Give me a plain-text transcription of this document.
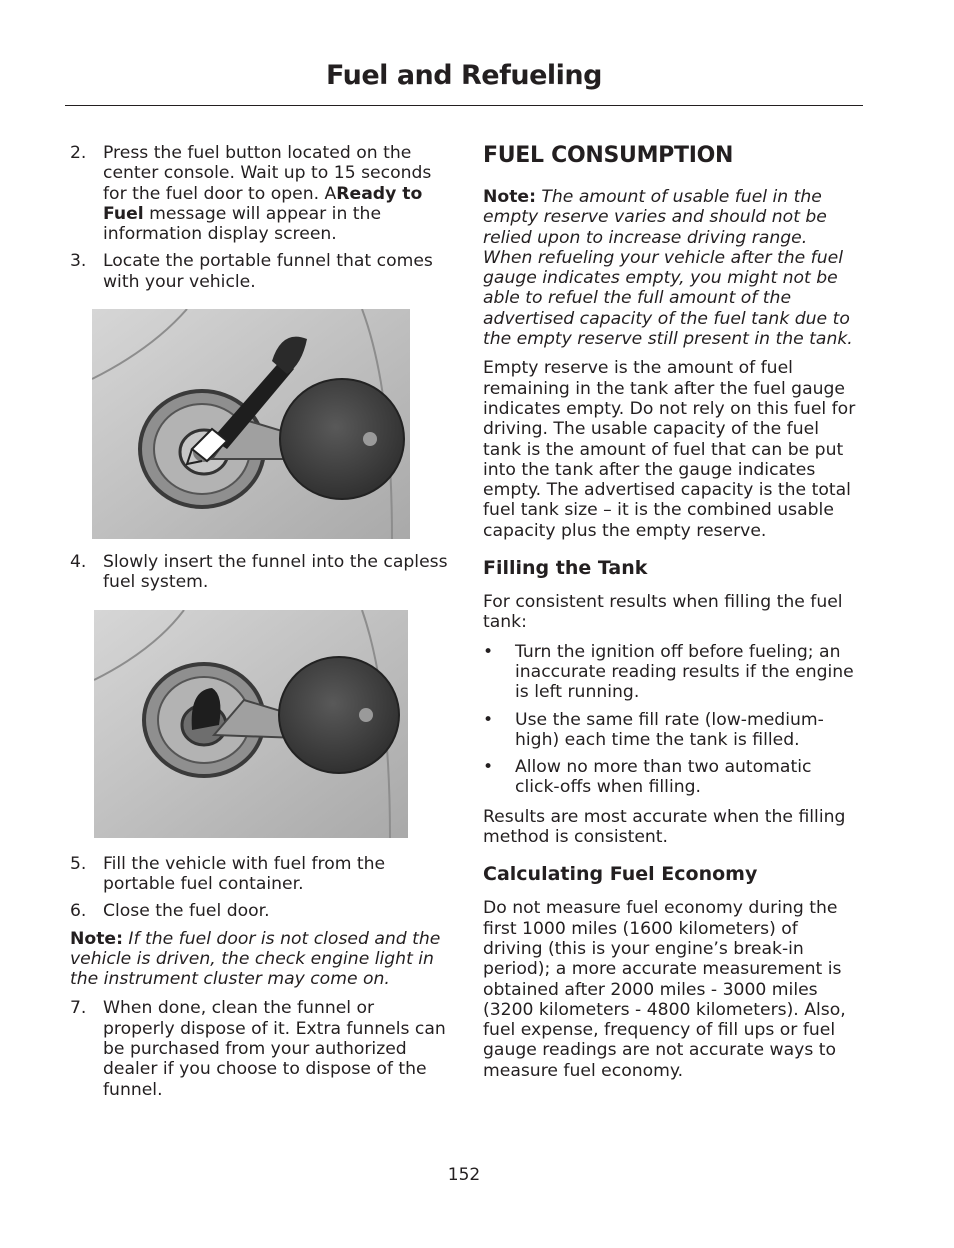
Fuel and Refueling
2. Press the fuel button located on the center console. Wait up to 15 seconds for the fuel door to open. AReady to Fuel message will appear in the information display screen.

3. Locate the portable funnel that comes with your vehicle.

4. Slowly insert the funnel into the capless fuel system.

5. Fill the vehicle with fuel from the portable fuel container.

6. Close the fuel door.

Note: If the fuel door is not closed and the vehicle is driven, the check engine light in the instrument cluster may come on.

7. When done, clean the funnel or properly dispose of it. Extra funnels can be purchased from your authorized dealer if you choose to dispose of the funnel.

FUEL CONSUMPTION

Note: The amount of usable fuel in the empty reserve varies and should not be relied upon to increase driving range. When refueling your vehicle after the fuel gauge indicates empty, you might not be able to refuel the full amount of the advertised capacity of the fuel tank due to the empty reserve still present in the tank.

Empty reserve is the amount of fuel remaining in the tank after the fuel gauge indicates empty. Do not rely on this fuel for driving. The usable capacity of the fuel tank is the amount of fuel that can be put into the tank after the gauge indicates empty. The advertised capacity is the total fuel tank size – it is the combined usable capacity plus the empty reserve.

Filling the Tank

For consistent results when filling the fuel tank:

•	Turn the ignition off before fueling; an inaccurate reading results if the engine is left running.

•	Use the same fill rate (low-medium-high) each time the tank is filled.

•	Allow no more than two automatic click-offs when filling.

Results are most accurate when the filling method is consistent.

Calculating Fuel Economy

Do not measure fuel economy during the first 1000 miles (1600 kilometers) of driving (this is your engine’s break-in period); a more accurate measurement is obtained after 2000 miles - 3000 miles (3200 kilometers - 4800 kilometers). Also, fuel expense, frequency of fill ups or fuel gauge readings are not accurate ways to measure fuel economy.

152
